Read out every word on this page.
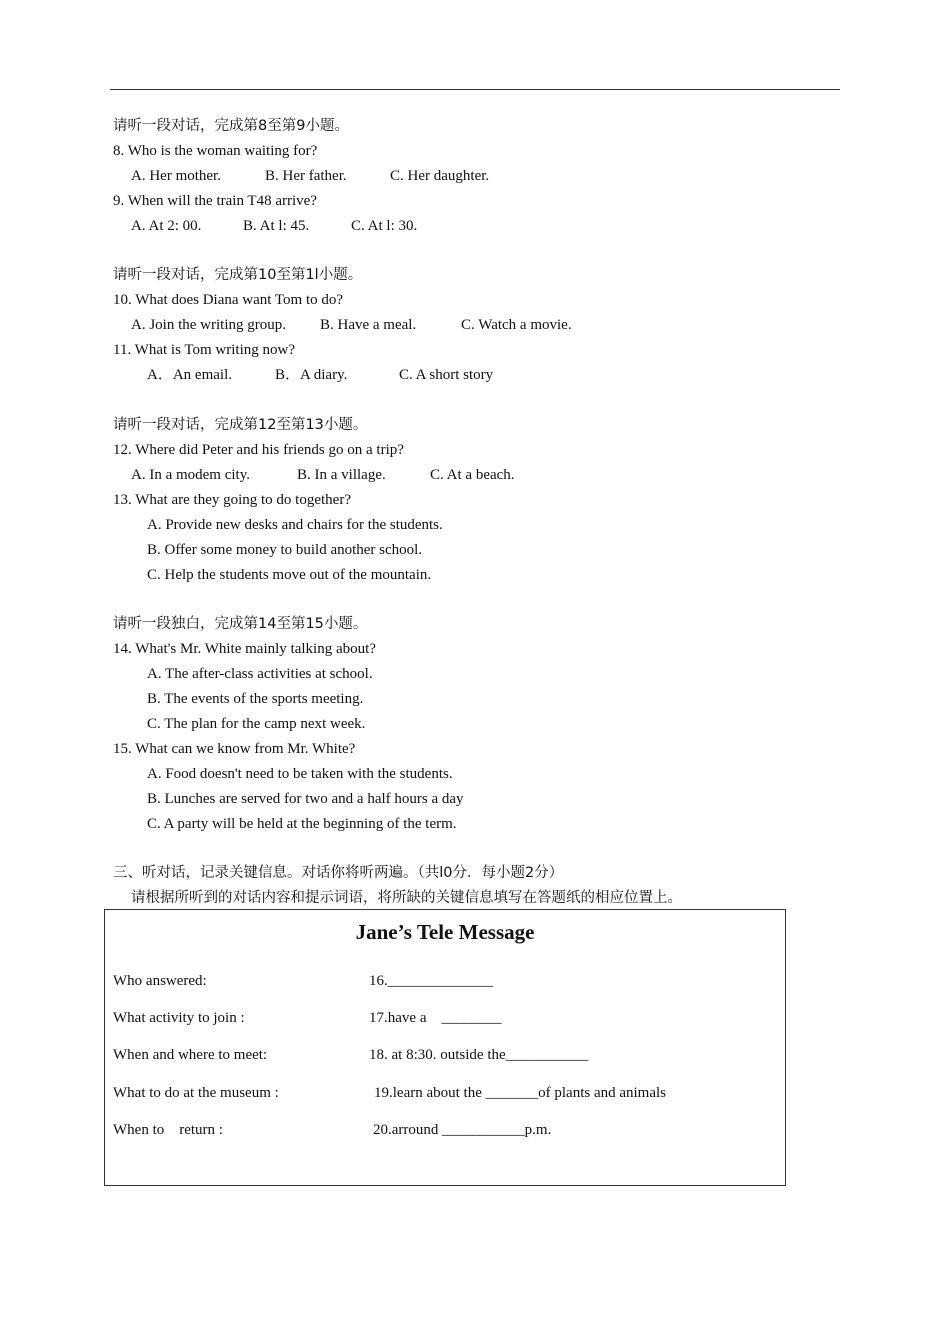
请听一段对话，完成第8至第9小题。
8. Who is the woman waiting for?
A. Her mother.	B. Her father.	C. Her daughter.
9. When will the train T48 arrive?
A. At 2: 00.	B. At l: 45.	C. At l: 30.
请听一段对话，完成第10至第1l小题。
10. What does Diana want Tom to do?
A. Join the writing group. B. Have a meal.	C. Watch a movie.
11. What is Tom writing now?
A．An email.	B．A diary.	C. A short story
请听一段对话，完成第12至第13小题。
12. Where did Peter and his friends go on a trip?
A. In a modem city.	B. In a village.	C. At a beach.
13. What are they going to do together?
A. Provide new desks and chairs for the students.
B. Offer some money to build another school.
C. Help the students move out of the mountain.
请听一段独白，完成第14至第15小题。
14. What's Mr. White mainly talking about?
A. The after-class activities at school.
B. The events of the sports meeting.
C. The plan for the camp next week.
15. What can we know from Mr. White?
A. Food doesn't need to be taken with the students.
B. Lunches are served for two and a half hours a day
C. A party will be held at the beginning of the term.
三、听对话，记录关键信息。对话你将听两遍。（共l0分．每小题2分）
请根据所听到的对话内容和提示词语，将所缺的关键信息填写在答题纸的相应位置上。
Jane’s Tele Message
Who answered:	16.______________
What activity to join :	17.have a    ________
When and where to meet:	18. at 8:30. outside the___________
What to do at the museum :	19.learn about the _______of plants and animals
When to    return :	20.arround ___________p.m.
